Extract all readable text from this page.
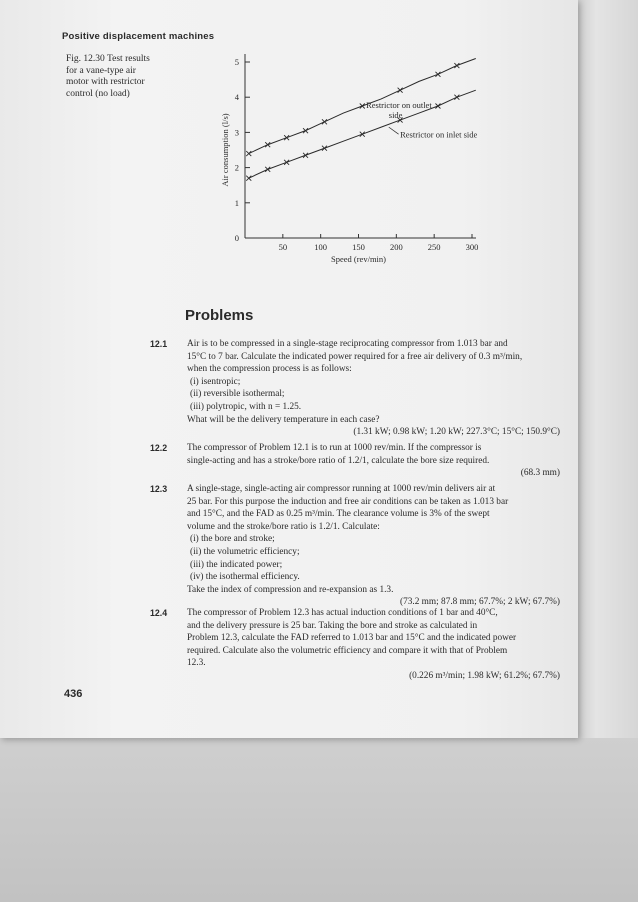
Positive displacement machines
Fig. 12.30 Test results
for a vane-type air
motor with restrictor
control (no load)
0
1
2
3
4
5
50	100	150	200	250	300
Speed (rev/min)
Air consumption (l/s)
Restrictor on outlet
side
Restrictor on inlet side
Problems
12.1 Air is to be compressed in a single-stage reciprocating compressor from 1.013 bar and
15°C to 7 bar. Calculate the indicated power required for a free air delivery of 0.3 m³/min,
when the compression process is as follows:
(i) isentropic;
(ii) reversible isothermal;
(iii) polytropic, with n = 1.25.
What will be the delivery temperature in each case?
(1.31 kW; 0.98 kW; 1.20 kW; 227.3°C; 15°C; 150.9°C)
12.2 The compressor of Problem 12.1 is to run at 1000 rev/min. If the compressor is
single-acting and has a stroke/bore ratio of 1.2/1, calculate the bore size required.
(68.3 mm)
12.3 A single-stage, single-acting air compressor running at 1000 rev/min delivers air at
25 bar. For this purpose the induction and free air conditions can be taken as 1.013 bar
and 15°C, and the FAD as 0.25 m³/min. The clearance volume is 3% of the swept
volume and the stroke/bore ratio is 1.2/1. Calculate:
(i) the bore and stroke;
(ii) the volumetric efficiency;
(iii) the indicated power;
(iv) the isothermal efficiency.
Take the index of compression and re-expansion as 1.3.
(73.2 mm; 87.8 mm; 67.7%; 2 kW; 67.7%)
12.4 The compressor of Problem 12.3 has actual induction conditions of 1 bar and 40°C,
and the delivery pressure is 25 bar. Taking the bore and stroke as calculated in
Problem 12.3, calculate the FAD referred to 1.013 bar and 15°C and the indicated power
required. Calculate also the volumetric efficiency and compare it with that of Problem
12.3.
(0.226 m³/min; 1.98 kW; 61.2%; 67.7%)
436
